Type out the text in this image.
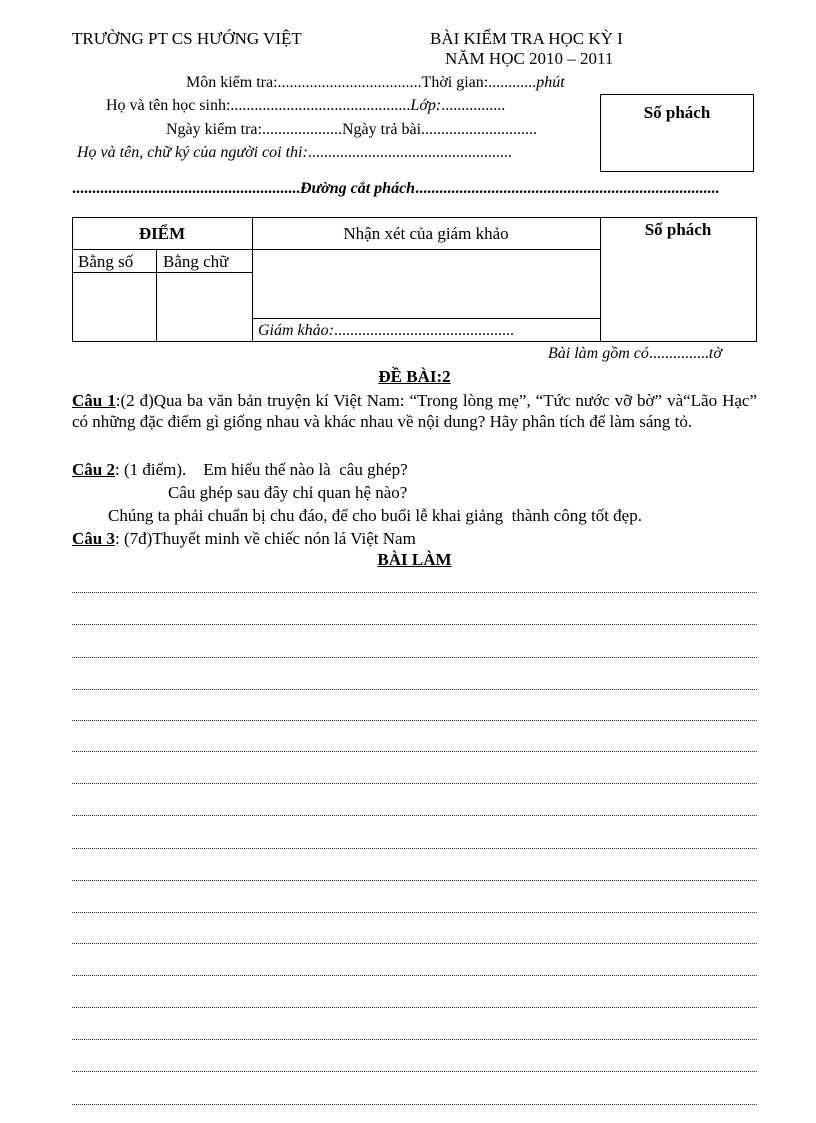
TRƯỜNG PT CS HƯỚNG VIỆT	BÀI KIỂM TRA HỌC KỲ I
NĂM HỌC 2010 – 2011
Môn kiểm tra:....................................Thời gian:............phút
Họ và tên học sinh:.............................................Lớp:................
Ngày kiểm tra:....................Ngày trả bài.............................
Họ và tên, chữ ký của người coi thi:...................................................
Số phách
.........................................................Đường cắt phách............................................................................
ĐIỂM	Nhận xét của giám khảo	Số phách
Bằng số Bằng chữ
Giám khảo:.............................................
Bài làm gồm có...............tờ
ĐỀ BÀI:2
Câu 1:(2 đ)Qua ba văn bản truyện kí Việt Nam: “Trong lòng mẹ”, “Tức nước vỡ bờ” và“Lão Hạc” có những đặc điểm gì giống nhau và khác nhau về nội dung? Hãy phân tích để làm sáng tỏ.
Câu 2: (1 điểm).    Em hiểu thế nào là  câu ghép?
Câu ghép sau đây chỉ quan hệ nào?
Chúng ta phải chuẩn bị chu đáo, để cho buổi lễ khai giảng  thành công tốt đẹp.
Câu 3: (7đ)Thuyết minh về chiếc nón lá Việt Nam
BÀI LÀM
